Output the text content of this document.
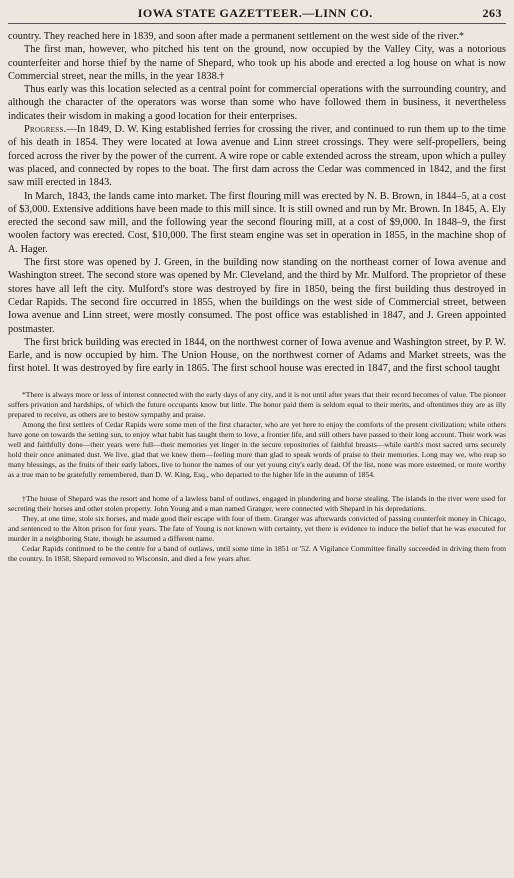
IOWA STATE GAZETTEER.—LINN CO.	263

country. They reached here in 1839, and soon after made a permanent settlement on the west side of the river.*

The first man, however, who pitched his tent on the ground, now occupied by the Valley City, was a notorious counterfeiter and horse thief by the name of Shepard, who took up his abode and erected a log house on what is now Commercial street, near the mills, in the year 1838.†

Thus early was this location selected as a central point for commercial operations with the surrounding country, and although the character of the operators was worse than some who have followed them in business, it nevertheless indicates their wisdom in making a good location for their enterprises.

Progress.—In 1849, D. W. King established ferries for crossing the river, and continued to run them up to the time of his death in 1854. They were located at Iowa avenue and Linn street crossings. They were self-propellers, being forced across the river by the power of the current. A wire rope or cable extended across the stream, upon which a pulley was placed, and connected by ropes to the boat. The first dam across the Cedar was commenced in 1842, and the first saw mill erected in 1843.

In March, 1843, the lands came into market. The first flouring mill was erected by N. B. Brown, in 1844–5, at a cost of $3,000. Extensive additions have been made to this mill since. It is still owned and run by Mr. Brown. In 1845, A. Ely erected the second saw mill, and the following year the second flouring mill, at a cost of $9,000. In 1848–9, the first woolen factory was erected. Cost, $10,000. The first steam engine was set in operation in 1855, in the machine shop of A. Hager.

The first store was opened by J. Green, in the building now standing on the northeast corner of Iowa avenue and Washington street. The second store was opened by Mr. Cleveland, and the third by Mr. Mulford. The proprietor of these stores have all left the city. Mulford's store was destroyed by fire in 1850, being the first building thus destroyed in Cedar Rapids. The second fire occurred in 1855, when the buildings on the west side of Commercial street, between Iowa avenue and Linn street, were mostly consumed. The post office was established in 1847, and J. Green appointed postmaster.

The first brick building was erected in 1844, on the northwest corner of Iowa avenue and Washington street, by P. W. Earle, and is now occupied by him. The Union House, on the northwest corner of Adams and Market streets, was the first hotel. It was destroyed by fire early in 1865. The first school house was erected in 1847, and the first school taught

*There is always more or less of interest connected with the early days of any city, and it is not until after years that their record becomes of value. The pioneer suffers privation and hardships, of which the future occupants know but little. The honor paid them is seldom equal to their merits, and oftentimes they are as illy prepared to receive, as others are to bestow sympathy and praise.

Among the first settlers of Cedar Rapids were some men of the first character, who are yet here to enjoy the comforts of the present civilization; while others have gone on towards the setting sun, to enjoy what habit has taught them to love, a frontier life, and still others have passed to their long account. Their work was well and faithfully done—their years were full—their memories yet linger in the secure repositories of faithful breasts—while earth's most sacred urns securely hold their once animated dust. We live, glad that we knew them—feeling more than glad to speak words of praise to their memories. Long may we, who reap so many blessings, as the fruits of their early labors, live to honor the names of our yet young city's early dead. Of the list, none was more esteemed, or more worthy as a true man to be gratefully remembered, than D. W. King, Esq., who departed to the higher life in the autumn of 1854.

†The house of Shepard was the resort and home of a lawless band of outlaws, engaged in plundering and horse stealing. The islands in the river were used for secreting their horses and other stolen property. John Young and a man named Granger, were connected with Shepard in his depredations.

They, at one time, stole six horses, and made good their escape with four of them. Granger was afterwards convicted of passing counterfeit money in Chicago, and sentenced to the Alton prison for four years. The fate of Young is not known with certainty, yet there is evidence to induce the belief that he was executed for murder in a neighboring State, though he assumed a different name.

Cedar Rapids continued to be the centre for a band of outlaws, until some time in 1851 or '52. A Vigilance Committee finally succeeded in driving them from the country. In 1858, Shepard removed to Wisconsin, and died a few years after.
